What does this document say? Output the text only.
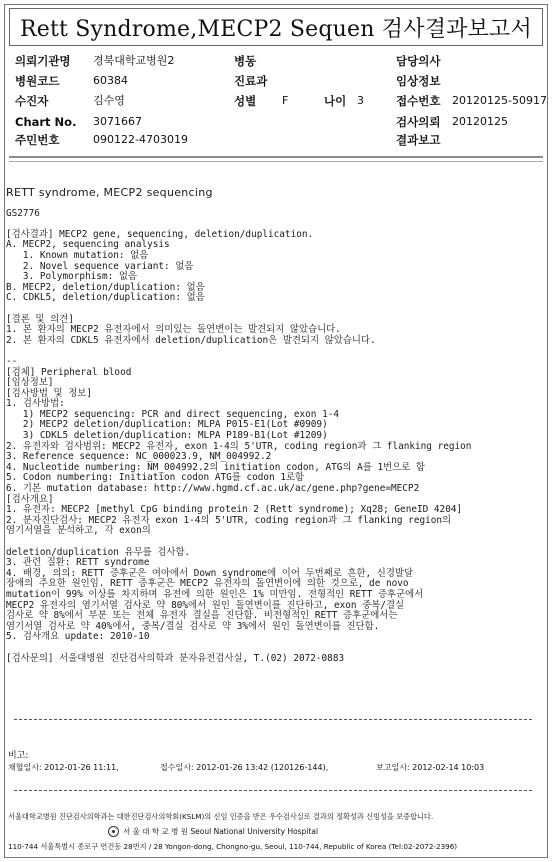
Rett Syndrome,MECP2 Sequen 검사결과보고서
의뢰기관명 경북대학교병원2	병동	담당의사
병원코드	60384	진료과	임상정보
수진자	김수영	성별 F	나이 3	접수번호 20120125-50917
Chart No. 3071667	검사의뢰 20120125
주민번호	090122-4703019	결과보고
RETT syndrome, MECP2 sequencing
GS2776
[검사결과] MECP2 gene, sequencing, deletion/duplication.
A. MECP2, sequencing analysis
1. Known mutation: 없음
2. Novel sequence variant: 없음
3. Polymorphism: 없음
B. MECP2, deletion/duplication: 없음
C. CDKL5, deletion/duplication: 없음
[결론 및 의견]
1. 본 환자의 MECP2 유전자에서 의미있는 돌연변이는 발견되지 않았습니다.
2. 본 환자의 CDKL5 유전자에서 deletion/duplication은 발견되지 않았습니다.
--
[검체] Peripheral blood
[임상정보]
[검사방법 및 정보]
1. 검사방법:
1) MECP2 sequencing: PCR and direct sequencing, exon 1-4
2) MECP2 deletion/duplication: MLPA P015-E1(Lot #0909)
3) CDKL5 deletion/duplication: MLPA P189-B1(Lot #1209)
2. 유전자와 검사범위: MECP2 유전자, exon 1-4의 5'UTR, coding region과 그 flanking region
3. Reference sequence: NC_000023.9, NM_004992.2
4. Nucleotide numbering: NM_004992.2의 initiation codon, ATG의 A를 1번으로 함
5. Codon numbering: Initiation codon ATG를 codon 1로함
6. 기본 mutation database: http://www.hgmd.cf.ac.uk/ac/gene.php?gene=MECP2
[검사개요]
1. 유전자: MECP2 [methyl CpG binding protein 2 (Rett syndrome); Xq28; GeneID 4204]
2. 분자진단검사: MECP2 유전자 exon 1-4의 5'UTR, coding region과 그 flanking region의
염기서열을 분석하고, 각 exon의
deletion/duplication 유무를 검사함.
3. 관련 질환: RETT syndrome
4. 배경, 의의: RETT 증후군은 여아에서 Down syndrome에 이어 두번째로 흔한, 신경발달
장애의 주요한 원인임. RETT 증후군은 MECP2 유전자의 돌연변이에 의한 것으로, de novo
mutation이 99% 이상를 차지하며 유전에 의한 원인은 1% 미만임. 전형적인 RETT 증후군에서
MECP2 유전자의 염기서열 검사로 약 80%에서 원인 돌연변이를 진단하고, exon 중복/결실
검사로 약 8%에서 부분 또는 전체 유전자 결실을 진단함. 비전형적인 RETT 증후군에서는
염기서열 검사로 약 40%에서, 중복/결실 검사로 약 3%에서 원인 돌연변이를 진단함.
5. 검사개요 update: 2010-10
[검사문의] 서울대병원 진단검사의학과 분자유전검사실, T.(02) 2072-0883
비고:
채혈일시: 2012-01-26 11:11,	접수일시: 2012-01-26 13:42 (120126-144),	보고일시: 2012-02-14 10:03
서울대학교병원 진단검사의학과는 대한진단검사의학회(KSLM)의 신임 인증을 받은 우수검사실로 결과의 정확성과 신빙성을 보증합니다.
서 울 대 학 교 병 원 Seoul National University Hospital
110-744 서울특별시 종로구 연건동 28번지 / 28 Yongon-dong, Chongno-gu, Seoul, 110-744, Republic of Korea (Tel:02-2072-2396)
